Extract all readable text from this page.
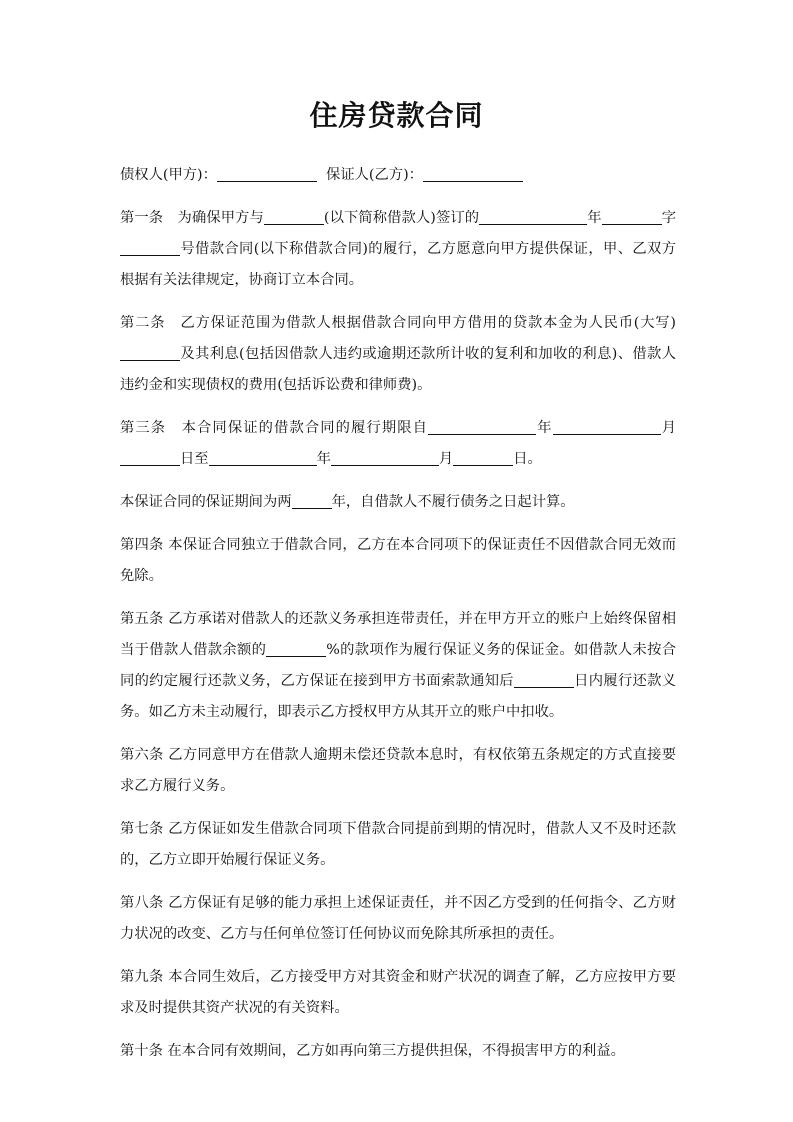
住房贷款合同

债权人(甲方)：	保证人(乙方)：

第一条　为确保甲方与	(以下简称借款人)签订的	年	字号借款合同(以下称借款合同)的履行，乙方愿意向甲方提供保证，甲、乙双方根据有关法律规定，协商订立本合同。

第二条　乙方保证范围为借款人根据借款合同向甲方借用的贷款本金为人民币(大写)及其利息(包括因借款人违约或逾期还款所计收的复利和加收的利息)、借款人违约金和实现债权的费用(包括诉讼费和律师费)。

第三条　本合同保证的借款合同的履行期限自	年	月日至	年	月	日。

本保证合同的保证期间为两	年，自借款人不履行债务之日起计算。

第四条 本保证合同独立于借款合同，乙方在本合同项下的保证责任不因借款合同无效而免除。

第五条 乙方承诺对借款人的还款义务承担连带责任，并在甲方开立的账户上始终保留相当于借款人借款余额的	%的款项作为履行保证义务的保证金。如借款人未按合同的约定履行还款义务，乙方保证在接到甲方书面索款通知后	日内履行还款义务。如乙方未主动履行，即表示乙方授权甲方从其开立的账户中扣收。

第六条 乙方同意甲方在借款人逾期未偿还贷款本息时，有权依第五条规定的方式直接要求乙方履行义务。

第七条 乙方保证如发生借款合同项下借款合同提前到期的情况时，借款人又不及时还款的，乙方立即开始履行保证义务。

第八条 乙方保证有足够的能力承担上述保证责任，并不因乙方受到的任何指令、乙方财力状况的改变、乙方与任何单位签订任何协议而免除其所承担的责任。

第九条 本合同生效后，乙方接受甲方对其资金和财产状况的调查了解，乙方应按甲方要求及时提供其资产状况的有关资料。

第十条 在本合同有效期间，乙方如再向第三方提供担保，不得损害甲方的利益。
